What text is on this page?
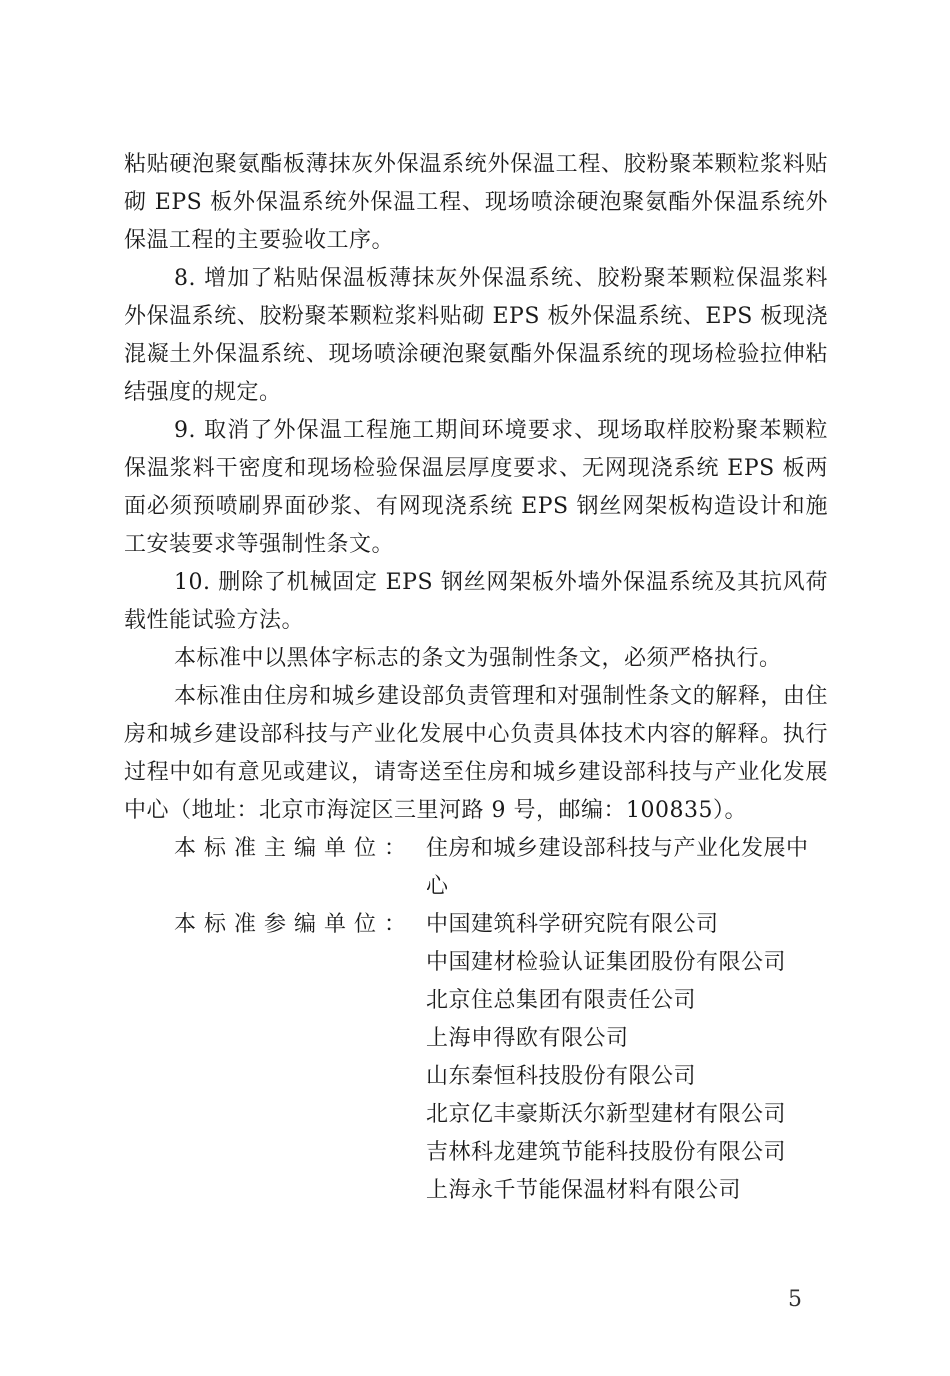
粘贴硬泡聚氨酯板薄抹灰外保温系统外保温工程、胶粉聚苯颗粒浆料贴砌 EPS 板外保温系统外保温工程、现场喷涂硬泡聚氨酯外保温系统外保温工程的主要验收工序。

8. 增加了粘贴保温板薄抹灰外保温系统、胶粉聚苯颗粒保温浆料外保温系统、胶粉聚苯颗粒浆料贴砌 EPS 板外保温系统、EPS 板现浇混凝土外保温系统、现场喷涂硬泡聚氨酯外保温系统的现场检验拉伸粘结强度的规定。

9. 取消了外保温工程施工期间环境要求、现场取样胶粉聚苯颗粒保温浆料干密度和现场检验保温层厚度要求、无网现浇系统 EPS 板两面必须预喷刷界面砂浆、有网现浇系统 EPS 钢丝网架板构造设计和施工安装要求等强制性条文。

10. 删除了机械固定 EPS 钢丝网架板外墙外保温系统及其抗风荷载性能试验方法。

本标准中以黑体字标志的条文为强制性条文，必须严格执行。

本标准由住房和城乡建设部负责管理和对强制性条文的解释，由住房和城乡建设部科技与产业化发展中心负责具体技术内容的解释。执行过程中如有意见或建议，请寄送至住房和城乡建设部科技与产业化发展中心（地址：北京市海淀区三里河路 9 号，邮编：100835）。

本标准主编单位： 住房和城乡建设部科技与产业化发展中心
本标准参编单位： 中国建筑科学研究院有限公司
中国建材检验认证集团股份有限公司
北京住总集团有限责任公司
上海申得欧有限公司
山东秦恒科技股份有限公司
北京亿丰豪斯沃尔新型建材有限公司
吉林科龙建筑节能科技股份有限公司
上海永千节能保温材料有限公司
5
